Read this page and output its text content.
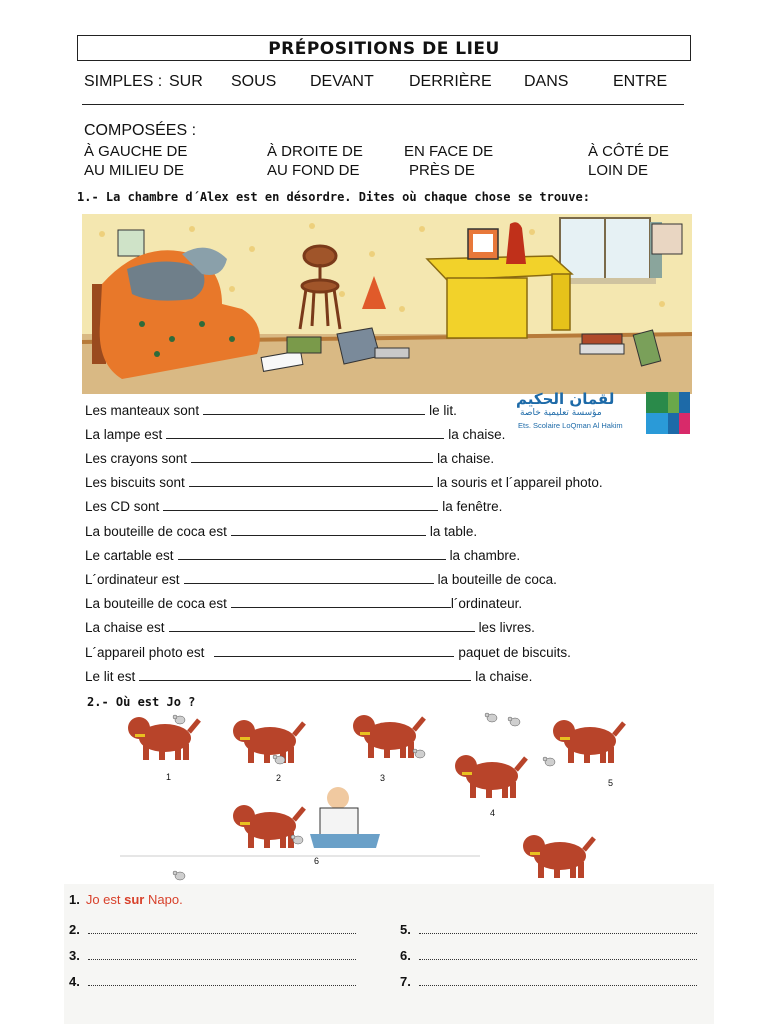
PRÉPOSITIONS DE LIEU
SIMPLES : SUR SOUS DEVANT DERRIÈRE DANS	ENTRE
COMPOSÉES :
À GAUCHE DE	À DROITE DE	EN FACE DE	À CÔTÉ DE
AU MILIEU DE	AU FOND DE	PRÈS DE	LOIN DE
1.- La chambre d´Alex est en désordre. Dites où chaque chose se trouve:
لقمان الحكيم
مؤسسة تعليمية خاصة
Ets. Scolaire LoQman Al Hakim
Les manteaux sont	le lit.
La lampe est	la chaise.
Les crayons sont	la chaise.
Les biscuits sont	la souris et l´appareil photo.
Les CD sont	la fenêtre.
La bouteille de coca est	la table.
Le cartable est	la chambre.
L´ordinateur est	la bouteille de coca.
La bouteille de coca est	l´ordinateur.
La chaise est	les livres.
L´appareil photo est	paquet de biscuits.
Le lit est	la chaise.
2.- Où est Jo ?
1	2	3
4
5
6
1. Jo est sur Napo.
2.
3.
4.
5.
6.
7.
